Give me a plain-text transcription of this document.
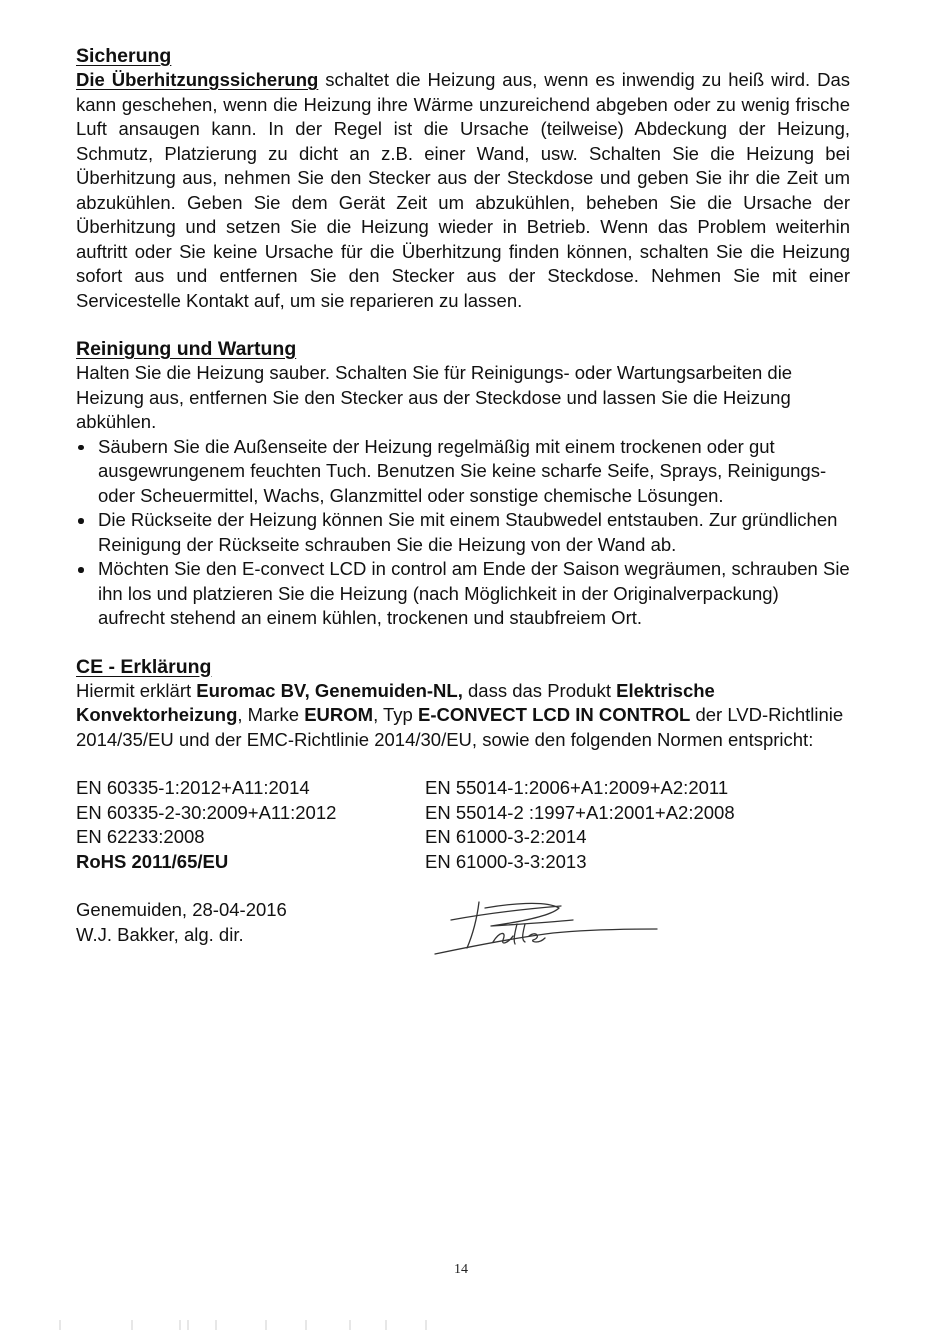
Sicherung

Die Überhitzungssicherung schaltet die Heizung aus, wenn es inwendig zu heiß wird. Das kann geschehen, wenn die Heizung ihre Wärme unzureichend abgeben oder zu wenig frische Luft ansaugen kann. In der Regel ist die Ursache (teilweise) Abdeckung der Heizung, Schmutz, Platzierung zu dicht an z.B. einer Wand, usw. Schalten Sie die Heizung bei Überhitzung aus, nehmen Sie den Stecker aus der Steckdose und geben Sie ihr die Zeit um abzukühlen. Geben Sie dem Gerät Zeit um abzukühlen, beheben Sie die Ursache der Überhitzung und setzen Sie die Heizung wieder in Betrieb. Wenn das Problem weiterhin auftritt oder Sie keine Ursache für die Überhitzung finden können, schalten Sie die Heizung sofort aus und entfernen Sie den Stecker aus der Steckdose. Nehmen Sie mit einer Servicestelle Kontakt auf, um sie reparieren zu lassen.

Reinigung und Wartung

Halten Sie die Heizung sauber. Schalten Sie für Reinigungs- oder Wartungsarbeiten die Heizung aus, entfernen Sie den Stecker aus der Steckdose und lassen Sie die Heizung abkühlen.

Säubern Sie die Außenseite der Heizung regelmäßig mit einem trockenen oder gut ausgewrungenem feuchten Tuch. Benutzen Sie keine scharfe Seife, Sprays, Reinigungs- oder Scheuermittel, Wachs, Glanzmittel oder sonstige chemische Lösungen.
Die Rückseite der Heizung können Sie mit einem Staubwedel entstauben. Zur gründlichen Reinigung der Rückseite schrauben Sie die Heizung von der Wand ab.
Möchten Sie den E-convect LCD in control am Ende der Saison wegräumen, schrauben Sie ihn los und platzieren Sie die Heizung (nach Möglichkeit in der Originalverpackung) aufrecht stehend an einem kühlen, trockenen und staubfreiem Ort.
CE - Erklärung

Hiermit erklärt Euromac BV, Genemuiden-NL, dass das Produkt Elektrische Konvektorheizung, Marke EUROM, Typ E-CONVECT LCD IN CONTROL der LVD-Richtlinie 2014/35/EU und der EMC-Richtlinie 2014/30/EU, sowie den folgenden Normen entspricht:

EN 60335-1:2012+A11:2014
EN 60335-2-30:2009+A11:2012
EN 62233:2008
RoHS 2011/65/EU
EN 55014-1:2006+A1:2009+A2:2011
EN 55014-2 :1997+A1:2001+A2:2008
EN 61000-3-2:2014
EN 61000-3-3:2013
Genemuiden, 28-04-2016
W.J. Bakker, alg. dir.
14
